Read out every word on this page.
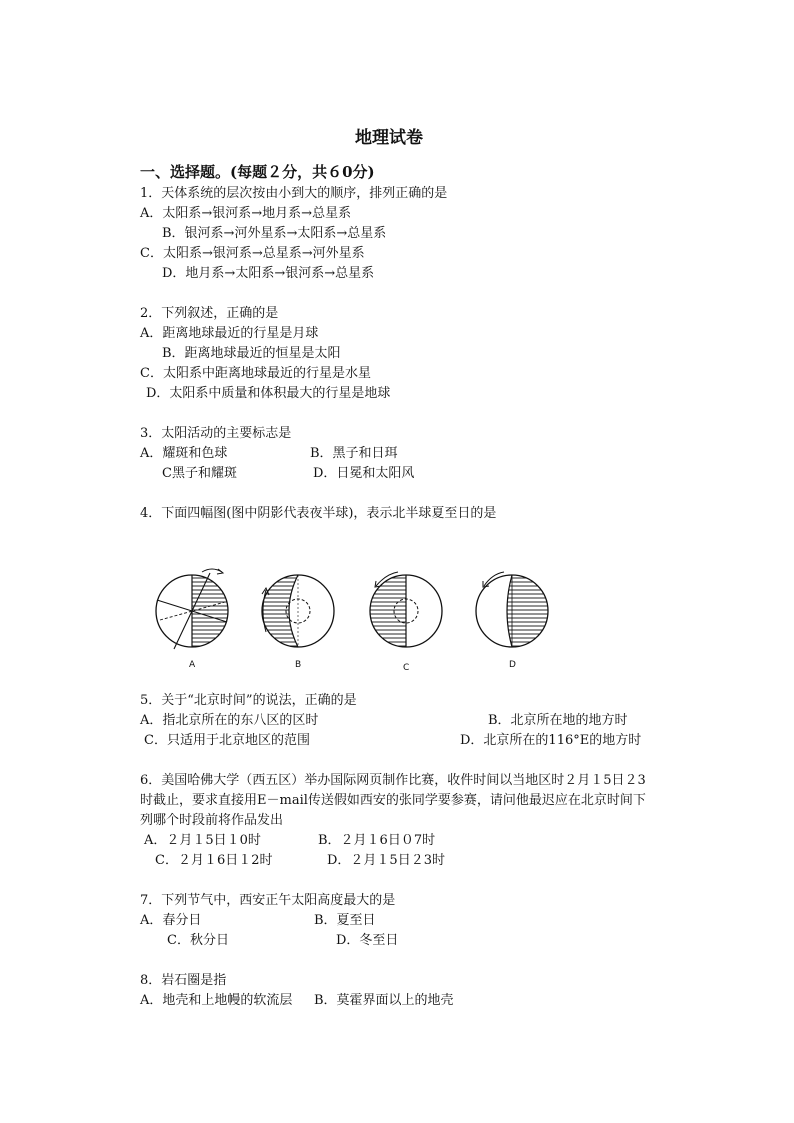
地理试卷
一、选择题。(每题２分，共６0分)
1．天体系统的层次按由小到大的顺序，排列正确的是
A．太阳系→银河系→地月系→总星系
B．银河系→河外星系→太阳系→总星系
C．太阳系→银河系→总星系→河外星系
D．地月系→太阳系→银河系→总星系
2．下列叙述，正确的是
A．距离地球最近的行星是月球
B．距离地球最近的恒星是太阳
C．太阳系中距离地球最近的行星是水星
D．太阳系中质量和体积最大的行星是地球
3．太阳活动的主要标志是
A．耀斑和色球	B．黑子和日珥
C黑子和耀斑	D．日冕和太阳风
4．下面四幅图(图中阴影代表夜半球)，表示北半球夏至日的是
A	B	C	D
5．关于“北京时间”的说法，正确的是
A．指北京所在的东八区的区时	B．北京所在地的地方时
C．只适用于北京地区的范围	D．北京所在的116°E的地方时
6．美国哈佛大学（西五区）举办国际网页制作比赛，收件时间以当地区时２月１5日２3
时截止，要求直接用E－mail传送假如西安的张同学要参赛，请问他最迟应在北京时间下
列哪个时段前将作品发出
A．２月１5日１0时	B．２月１6日０7时
C．２月１6日１2时	D．２月１5日２3时
7．下列节气中，西安正午太阳高度最大的是
A．春分日	B．夏至日
C．秋分日	D．冬至日
8．岩石圈是指
A．地壳和上地幔的软流层 B．莫霍界面以上的地壳
